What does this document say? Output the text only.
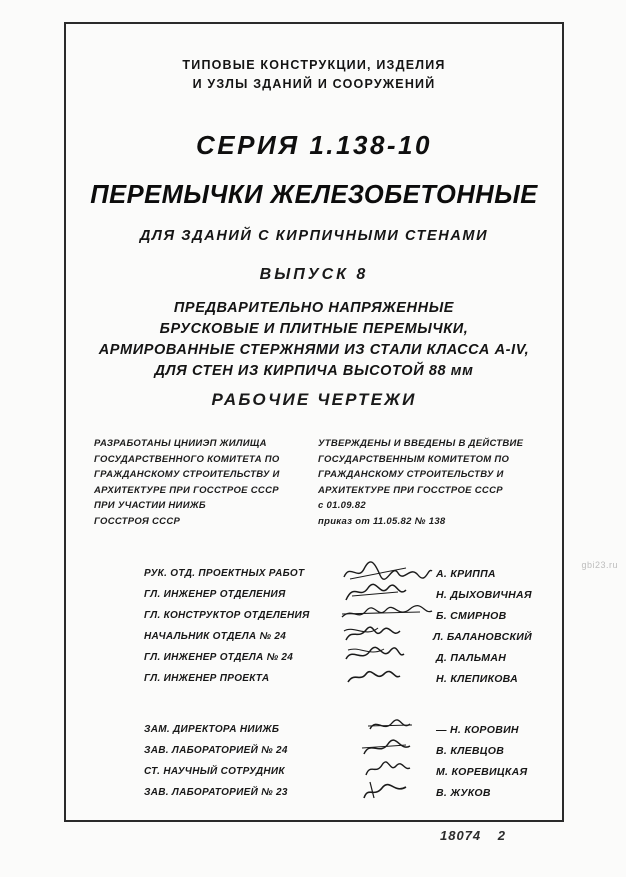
ТИПОВЫЕ КОНСТРУКЦИИ, ИЗДЕЛИЯ
И УЗЛЫ ЗДАНИЙ И СООРУЖЕНИЙ
СЕРИЯ 1.138-10
ПЕРЕМЫЧКИ ЖЕЛЕЗОБЕТОННЫЕ
ДЛЯ ЗДАНИЙ С КИРПИЧНЫМИ СТЕНАМИ
ВЫПУСК 8
ПРЕДВАРИТЕЛЬНО НАПРЯЖЕННЫЕ
БРУСКОВЫЕ И ПЛИТНЫЕ ПЕРЕМЫЧКИ,
АРМИРОВАННЫЕ СТЕРЖНЯМИ ИЗ СТАЛИ КЛАССА А-IV,
ДЛЯ СТЕН ИЗ КИРПИЧА ВЫСОТОЙ 88 мм
РАБОЧИЕ ЧЕРТЕЖИ
РАЗРАБОТАНЫ ЦНИИЭП ЖИЛИЩА
ГОСУДАРСТВЕННОГО КОМИТЕТА ПО
ГРАЖДАНСКОМУ СТРОИТЕЛЬСТВУ И
АРХИТЕКТУРЕ ПРИ ГОССТРОЕ СССР
ПРИ УЧАСТИИ НИИЖБ
ГОССТРОЯ СССР
УТВЕРЖДЕНЫ И ВВЕДЕНЫ В ДЕЙСТВИЕ
ГОСУДАРСТВЕННЫМ КОМИТЕТОМ ПО
ГРАЖДАНСКОМУ СТРОИТЕЛЬСТВУ И
АРХИТЕКТУРЕ ПРИ ГОССТРОЕ СССР
с 01.09.82
приказ от 11.05.82 № 138
РУК. ОТД. ПРОЕКТНЫХ РАБОТ	А. КРИППА
ГЛ. ИНЖЕНЕР ОТДЕЛЕНИЯ	Н. ДЫХОВИЧНАЯ
ГЛ. КОНСТРУКТОР ОТДЕЛЕНИЯ	Б. СМИРНОВ
НАЧАЛЬНИК ОТДЕЛА № 24	Л. БАЛАНОВСКИЙ
ГЛ. ИНЖЕНЕР ОТДЕЛА № 24	Д. ПАЛЬМАН
ГЛ. ИНЖЕНЕР ПРОЕКТА	Н. КЛЕПИКОВА
ЗАМ. ДИРЕКТОРА НИИЖБ	— Н. КОРОВИН
ЗАВ. ЛАБОРАТОРИЕЙ № 24	В. КЛЕВЦОВ
СТ. НАУЧНЫЙ СОТРУДНИК	М. КОРЕВИЦКАЯ
ЗАВ. ЛАБОРАТОРИЕЙ № 23	В. ЖУКОВ
gbi23.ru
18074 2
